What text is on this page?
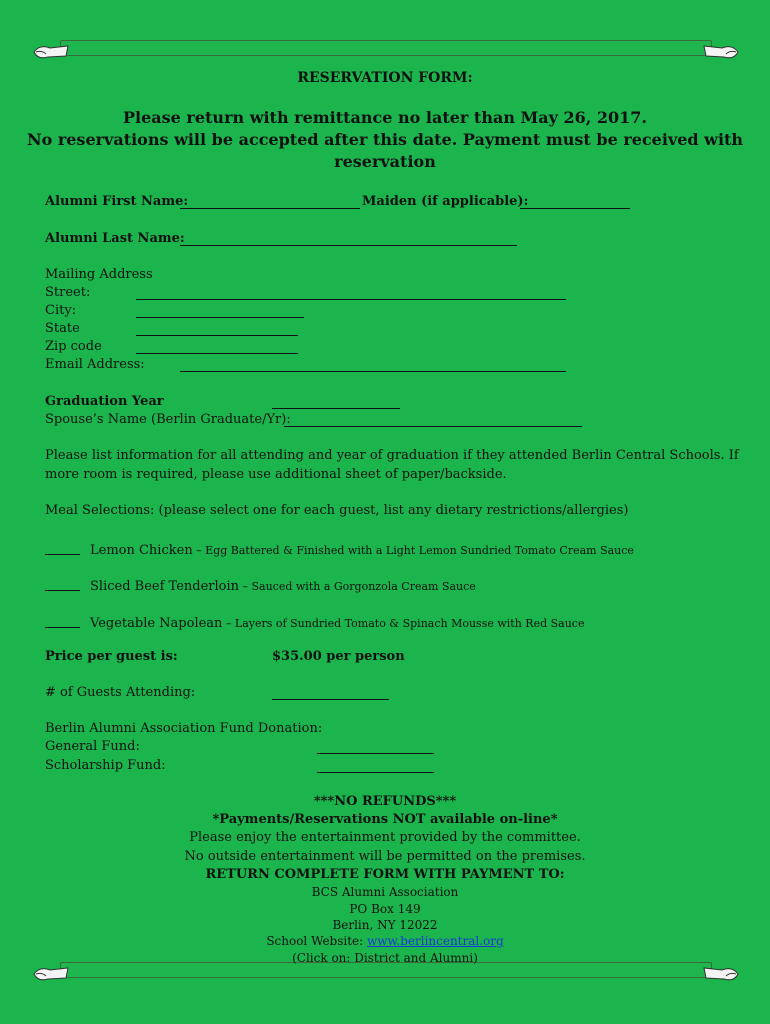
RESERVATION FORM:
Please return with remittance no later than May 26, 2017.
No reservations will be accepted after this date. Payment must be received with
reservation
Alumni First Name:	Maiden (if applicable):
Alumni Last Name:
Mailing Address
Street:
City:
State
Zip code
Email Address:
Graduation Year
Spouse’s Name (Berlin Graduate/Yr):
Please list information for all attending and year of graduation if they attended Berlin Central Schools. If
more room is required, please use additional sheet of paper/backside.
Meal Selections: (please select one for each guest, list any dietary restrictions/allergies)
Lemon Chicken – Egg Battered & Finished with a Light Lemon Sundried Tomato Cream Sauce
Sliced Beef Tenderloin – Sauced with a Gorgonzola Cream Sauce
Vegetable Napolean – Layers of Sundried Tomato & Spinach Mousse with Red Sauce
Price per guest is:	$35.00 per person
# of Guests Attending:
Berlin Alumni Association Fund Donation:
General Fund:
Scholarship Fund:
***NO REFUNDS***
*Payments/Reservations NOT available on-line*
Please enjoy the entertainment provided by the committee.
No outside entertainment will be permitted on the premises.
RETURN COMPLETE FORM WITH PAYMENT TO:
BCS Alumni Association
PO Box 149
Berlin, NY 12022
School Website: www.berlincentral.org
(Click on: District and Alumni)
